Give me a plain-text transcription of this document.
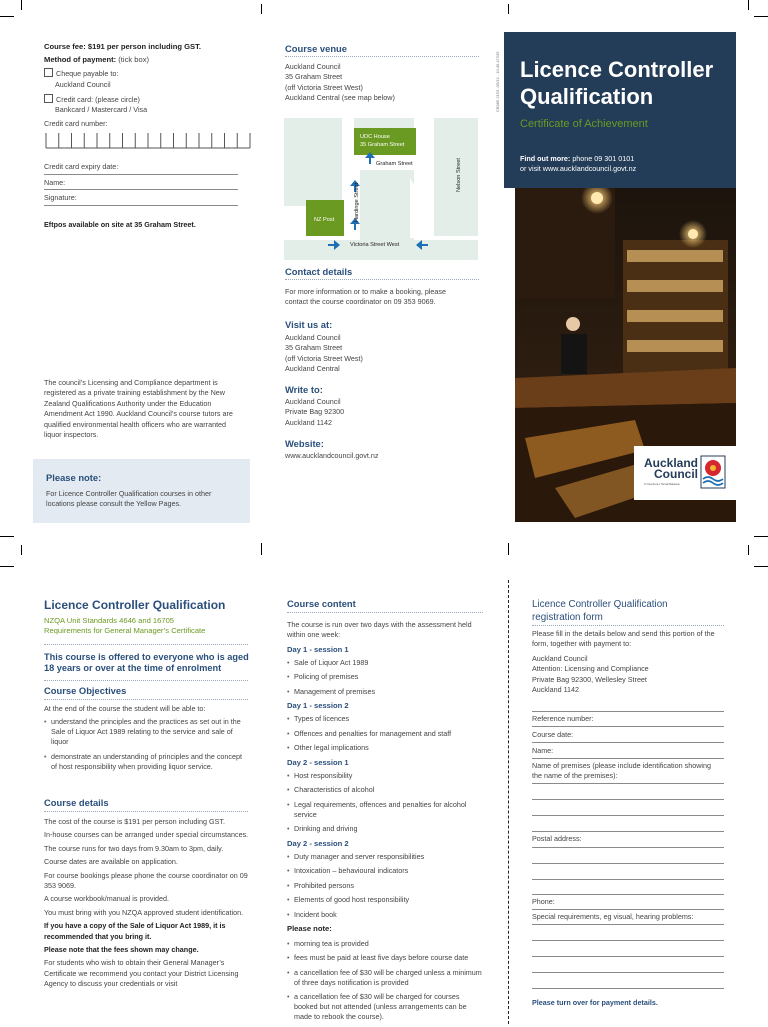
Course fee: $191 per person including GST.
Method of payment: (tick box)
Cheque payable to:
Auckland Council
Credit card: (please circle)
Bankcard / Mastercard / Visa
Credit card number:
Credit card expiry date:
Name:
Signature:
Eftpos available on site at 35 Graham Street.
The council’s Licensing and Compliance department is registered as a private training establishment by the New Zealand Qualifications Authority under the Education Amendment Act 1990. Auckland Council’s course tutors are qualified environmental health officers who are warranted liquor inspectors.
Please note:
For Licence Controller Qualification courses in other locations please consult the Yellow Pages.
Course venue
Auckland Council
35 Graham Street
(off Victoria Street West)
Auckland Central (see map below)
UDC House
35 Graham Street
Graham Street
NZ Post
Victoria Street West
Hardinge Street
Nelson Street
Contact details
For more information or to make a booking, please contact the course coordinator on 09 353 9069.
Visit us at:
Auckland Council
35 Graham Street
(off Victoria Street West)
Auckland Central
Write to:
Auckland Council
Private Bag 92300
Auckland 1142
Website:
www.aucklandcouncil.govt.nz
CB989 2153 -05/12 - 10.46.47239 Licence Controller
Qualification
Certificate of Achievement
Find out more: phone 09 301 0101
or visit www.aucklandcouncil.govt.nz
Auckland
Council
Te Kaunihera o Tāmaki Makaurau
Licence Controller Qualification
NZQA Unit Standards 4646 and 16705
Requirements for General Manager’s Certificate
This course is offered to everyone who is aged 18 years or over at the time of enrolment
Course Objectives
At the end of the course the student will be able to:
• understand the principles and the practices as set out in the Sale of Liquor Act 1989 relating to the service and sale of liquor
• demonstrate an understanding of principles and the concept of host responsibility when providing liquor service.
Course details
The cost of the course is $191 per person including GST.
In-house courses can be arranged under special circumstances.
The course runs for two days from 9.30am to 3pm, daily.
Course dates are available on application.
For course bookings please phone the course coordinator on 09 353 9069.
A course workbook/manual is provided.
You must bring with you NZQA approved student identification.
If you have a copy of the Sale of Liquor Act 1989, it is recommended that you bring it.
Please note that the fees shown may change.
For students who wish to obtain their General Manager’s Certificate we recommend you contact your District Licensing Agency to discuss your credentials or visit
Course content
The course is run over two days with the assessment held within one week:
Day 1 - session 1
• Sale of Liquor Act 1989
• Policing of premises
• Management of premises
Day 1 - session 2
• Types of licences
• Offences and penalties for management and staff
• Other legal implications
Day 2 - session 1
• Host responsibility
• Characteristics of alcohol
• Legal requirements, offences and penalties for alcohol service
• Drinking and driving
Day 2 - session 2
• Duty manager and server responsibilities
• Intoxication – behavioural indicators
• Prohibited persons
• Elements of good host responsibility
• Incident book
Please note:
• morning tea is provided
• fees must be paid at least five days before course date
• a cancellation fee of $30 will be charged unless a minimum of three days notification is provided
• a cancellation fee of $30 will be charged for courses booked but not attended (unless arrangements can be made to rebook the course).
Licence Controller Qualification
registration form
Please fill in the details below and send this portion of the form, together with payment to:
Auckland Council
Attention: Licensing and Compliance
Private Bag 92300, Wellesley Street
Auckland 1142
Reference number:
Course date:
Name:
Name of premises (please include identification showing the name of the premises):
Postal address:
Phone:
Special requirements, eg visual, hearing problems:
Please turn over for payment details.
